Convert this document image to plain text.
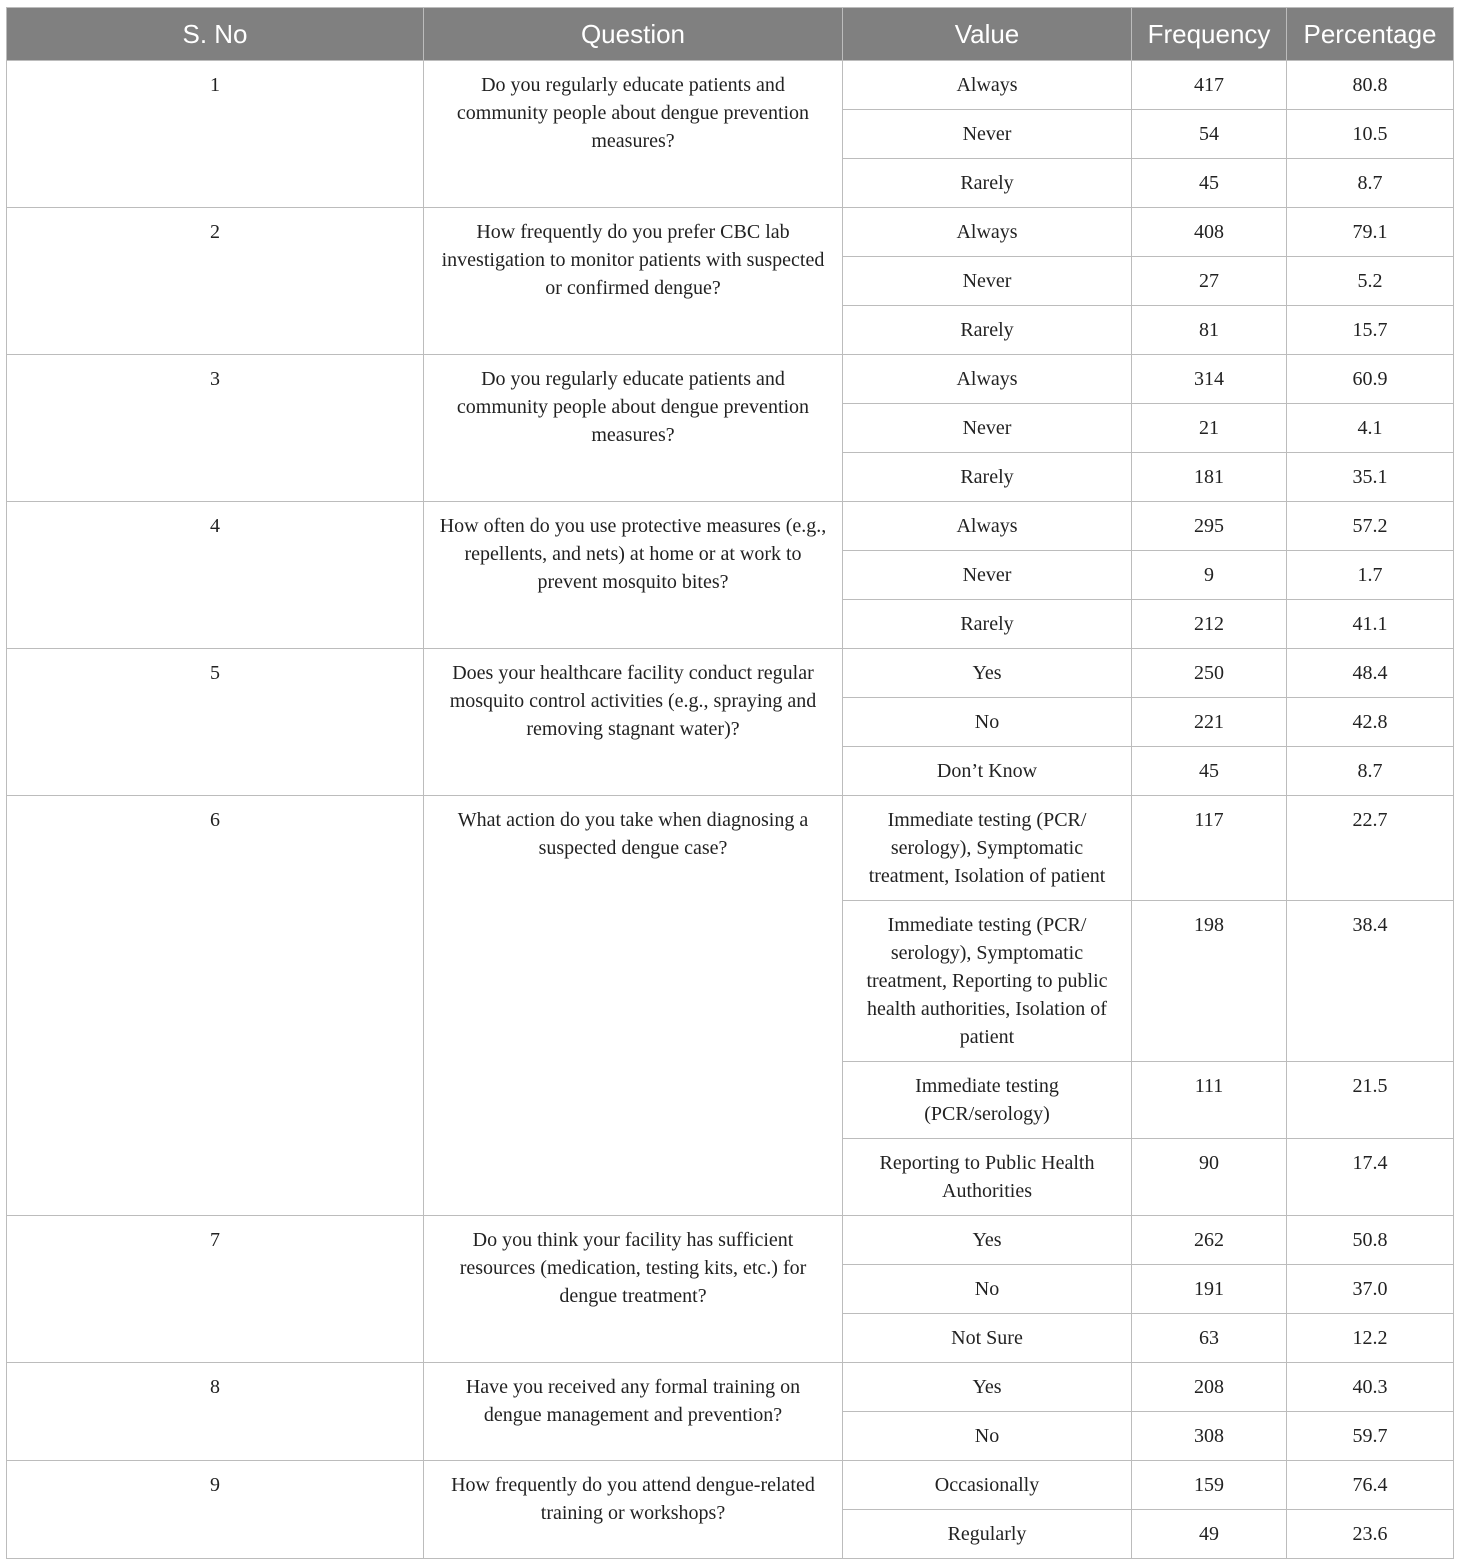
S. No	Question	Value	Frequency	Percentage
1	Do you regularly educate patients and community people about dengue prevention measures?	Always	417	80.8
		Never	54	10.5
		Rarely	45	8.7
2	How frequently do you prefer CBC lab investigation to monitor patients with suspected or confirmed dengue?	Always	408	79.1
		Never	27	5.2
		Rarely	81	15.7
3	Do you regularly educate patients and community people about dengue prevention measures?	Always	314	60.9
		Never	21	4.1
		Rarely	181	35.1
4	How often do you use protective measures (e.g., repellents, and nets) at home or at work to prevent mosquito bites?	Always	295	57.2
		Never	9	1.7
		Rarely	212	41.1
5	Does your healthcare facility conduct regular mosquito control activities (e.g., spraying and removing stagnant water)?	Yes	250	48.4
		No	221	42.8
		Don’t Know	45	8.7
6	What action do you take when diagnosing a suspected dengue case?	Immediate testing (PCR/ serology), Symptomatic treatment, Isolation of patient	117	22.7
		Immediate testing (PCR/ serology), Symptomatic treatment, Reporting to public health authorities, Isolation of patient	198	38.4
		Immediate testing (PCR/serology)	111	21.5
		Reporting to Public Health Authorities	90	17.4
7	Do you think your facility has sufficient resources (medication, testing kits, etc.) for dengue treatment?	Yes	262	50.8
		No	191	37.0
		Not Sure	63	12.2
8	Have you received any formal training on dengue management and prevention?	Yes	208	40.3
		No	308	59.7
9	How frequently do you attend dengue-related training or workshops?	Occasionally	159	76.4
		Regularly	49	23.6
